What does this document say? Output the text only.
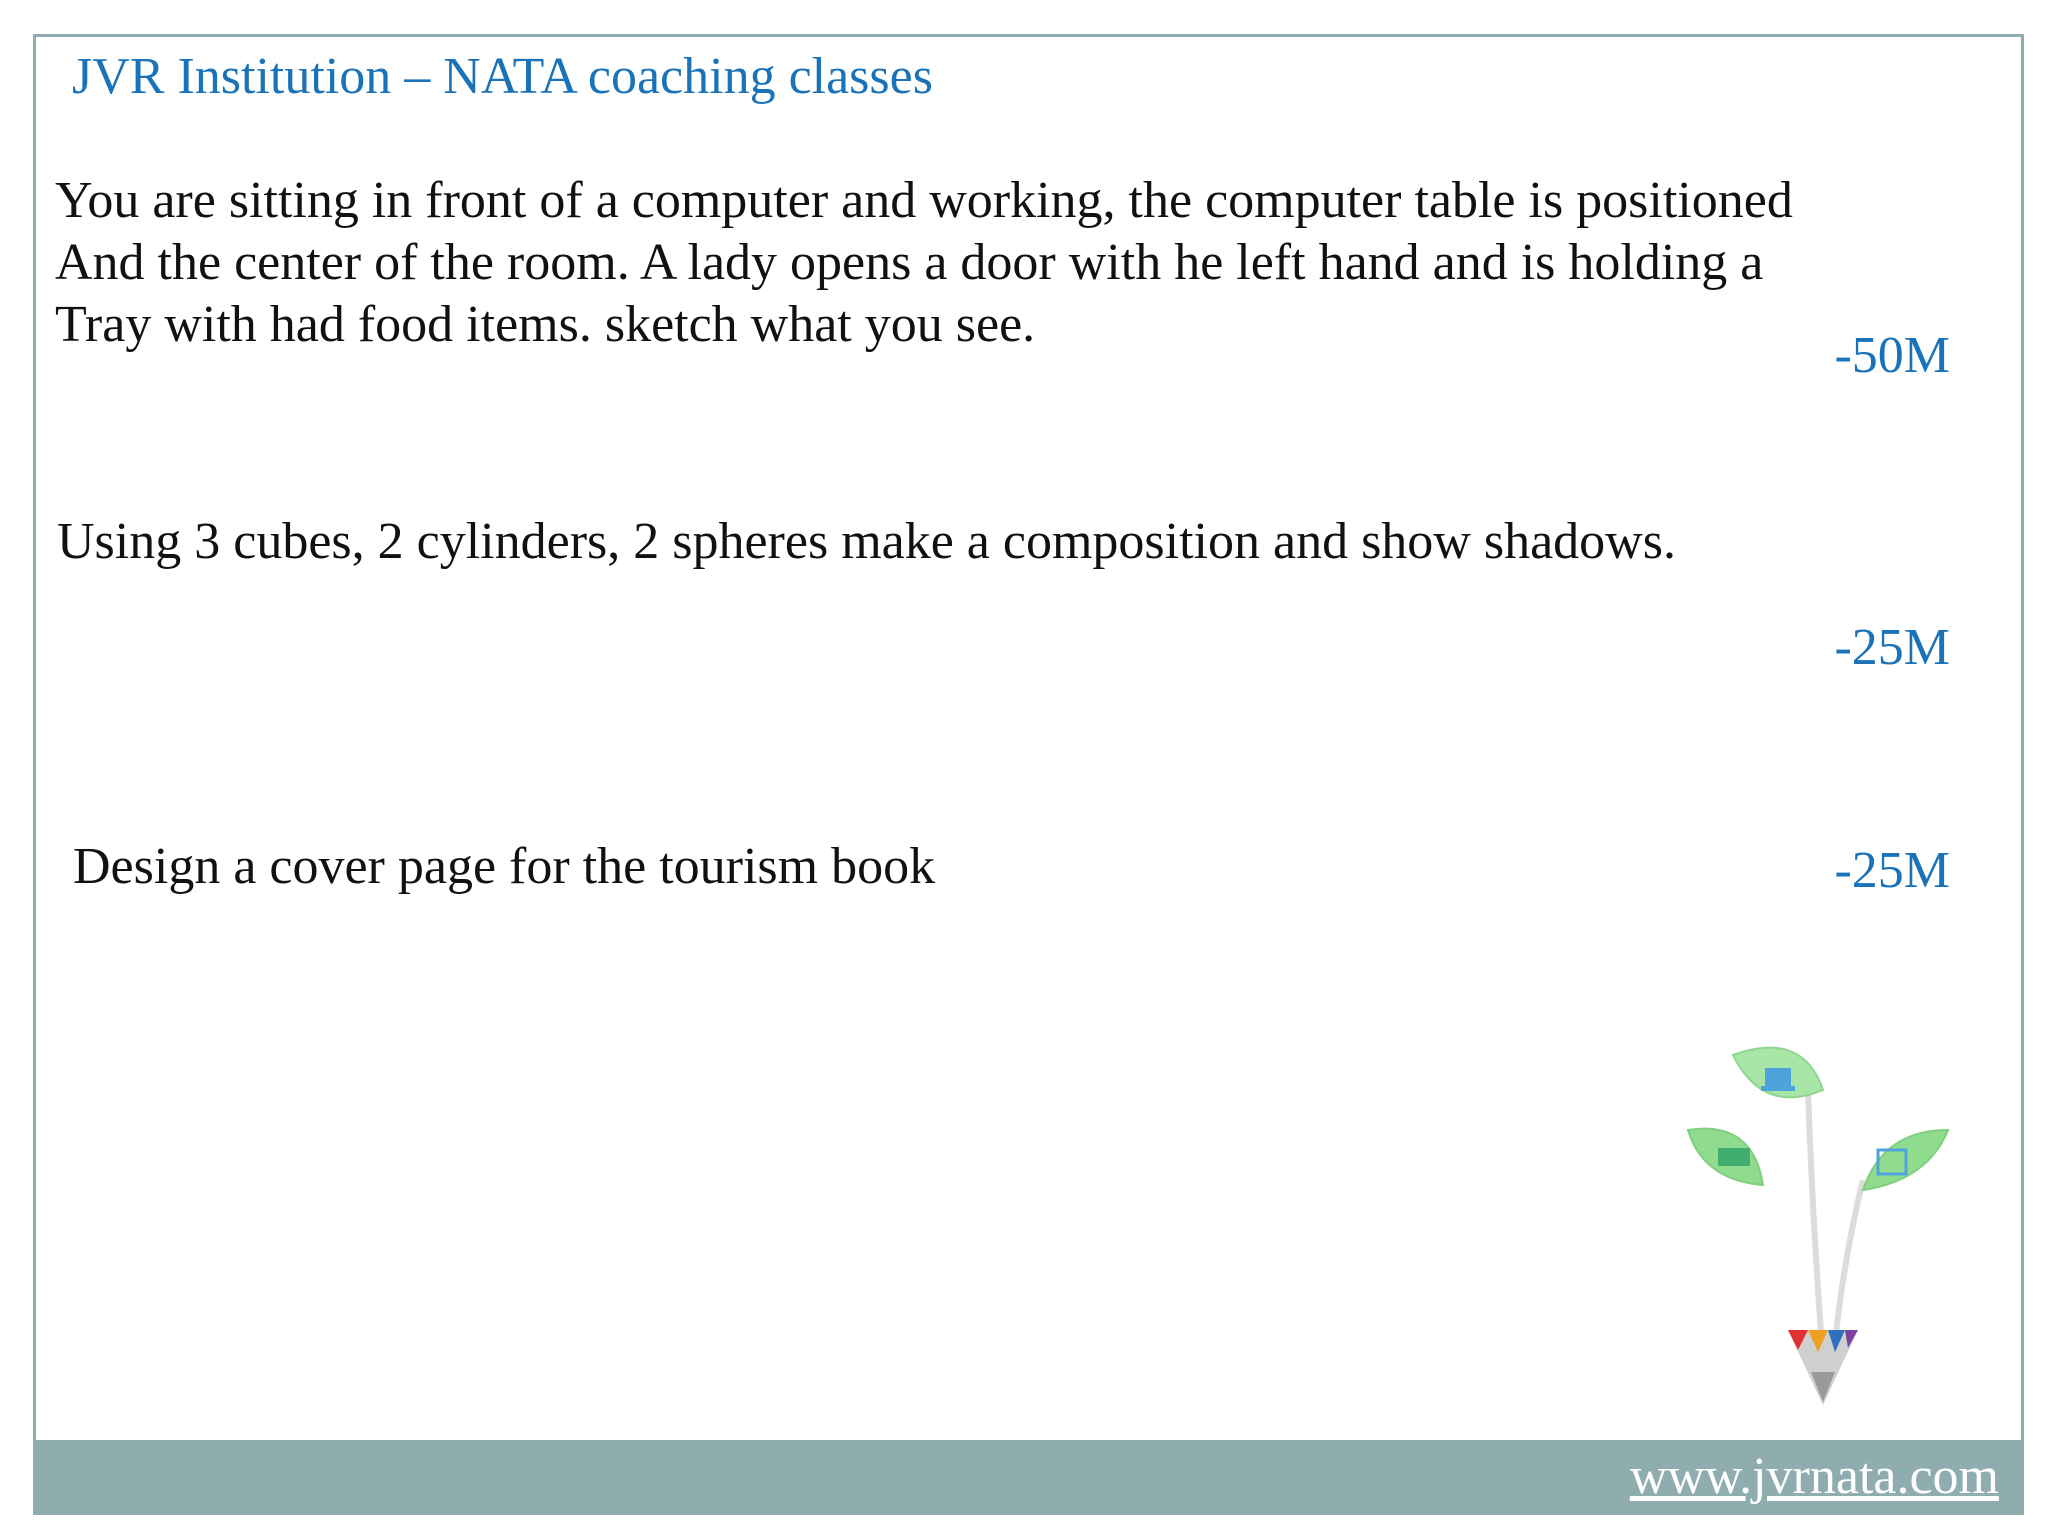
JVR Institution – NATA coaching classes
You are sitting in front of a computer and working, the computer table is positioned
And the center of the room. A lady opens a door with he left hand and is holding a
Tray with had food items. sketch what you see.
-50M
Using 3 cubes, 2 cylinders, 2 spheres make a composition and show shadows.
-25M
Design a cover page for the tourism book	-25M
www.jvrnata.com
